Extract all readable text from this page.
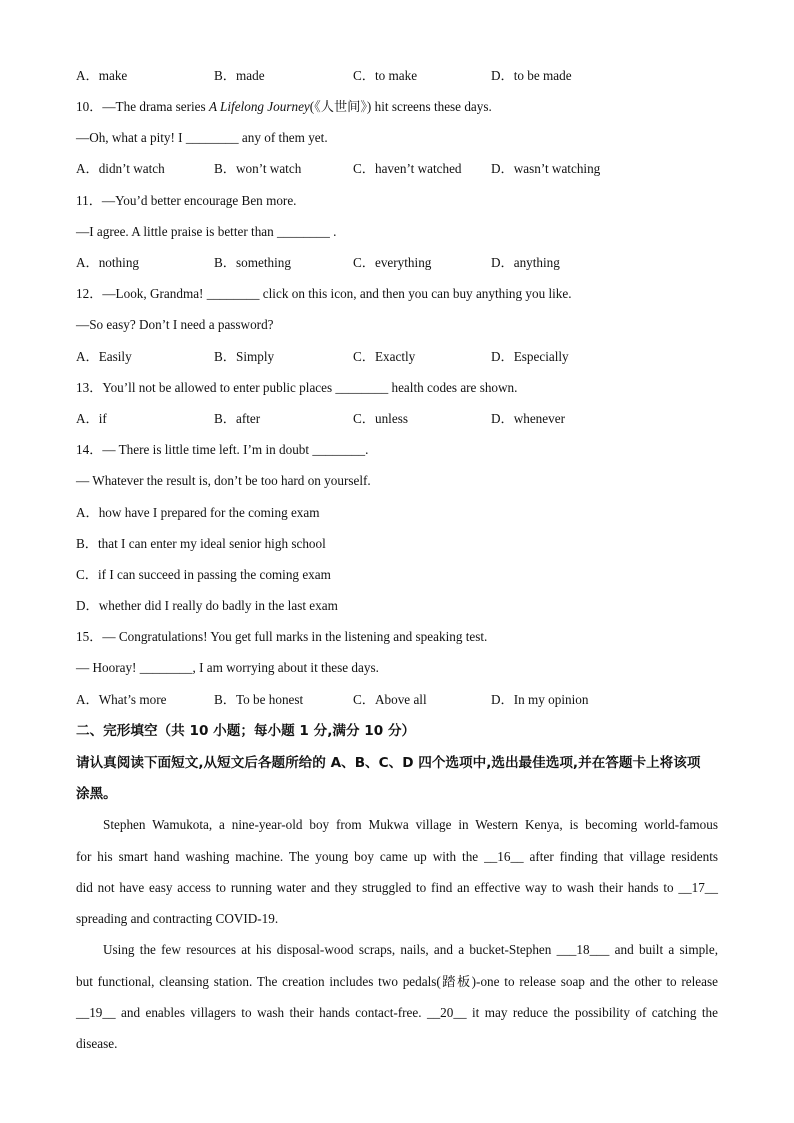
A．make	B．made	C．to make	D．to be made
10．—The drama series A Lifelong Journey(《人世间》) hit screens these days.
—Oh, what a pity! I ________ any of them yet.
A．didn’t watch	B．won’t watch	C．haven’t watched D．wasn’t watching
11．—You’d better encourage Ben more.
—I agree. A little praise is better than ________ .
A．nothing	B．something	C．everything	D．anything
12．—Look, Grandma! ________ click on this icon, and then you can buy anything you like.
—So easy? Don’t I need a password?
A．Easily	B．Simply	C．Exactly	D．Especially
13．You’ll not be allowed to enter public places ________ health codes are shown.
A．if	B．after	C．unless	D．whenever
14．— There is little time left. I’m in doubt ________.
— Whatever the result is, don’t be too hard on yourself.
A．how have I prepared for the coming exam
B．that I can enter my ideal senior high school
C．if I can succeed in passing the coming exam
D．whether did I really do badly in the last exam
15．— Congratulations! You get full marks in the listening and speaking test.
— Hooray! ________, I am worrying about it these days.
A．What’s more	B．To be honest	C．Above all	D．In my opinion
二、完形填空（共 10 小题；每小题 1 分,满分 10 分）
请认真阅读下面短文,从短文后各题所给的 A、B、C、D 四个选项中,选出最佳选项,并在答题卡上将该项
涂黑。
Stephen Wamukota, a nine-year-old boy from Mukwa village in Western Kenya, is becoming world-famous
for his smart hand washing machine. The young boy came up with the __16__ after finding that village residents
did not have easy access to running water and they struggled to find an effective way to wash their hands to __17__
spreading and contracting COVID-19.
Using the few resources at his disposal-wood scraps, nails, and a bucket-Stephen ___18___ and built a simple,
but functional, cleansing station. The creation includes two pedals(踏板)-one to release soap and the other to release
__19__ and enables villagers to wash their hands contact-free. __20__ it may reduce the possibility of catching the
disease.
